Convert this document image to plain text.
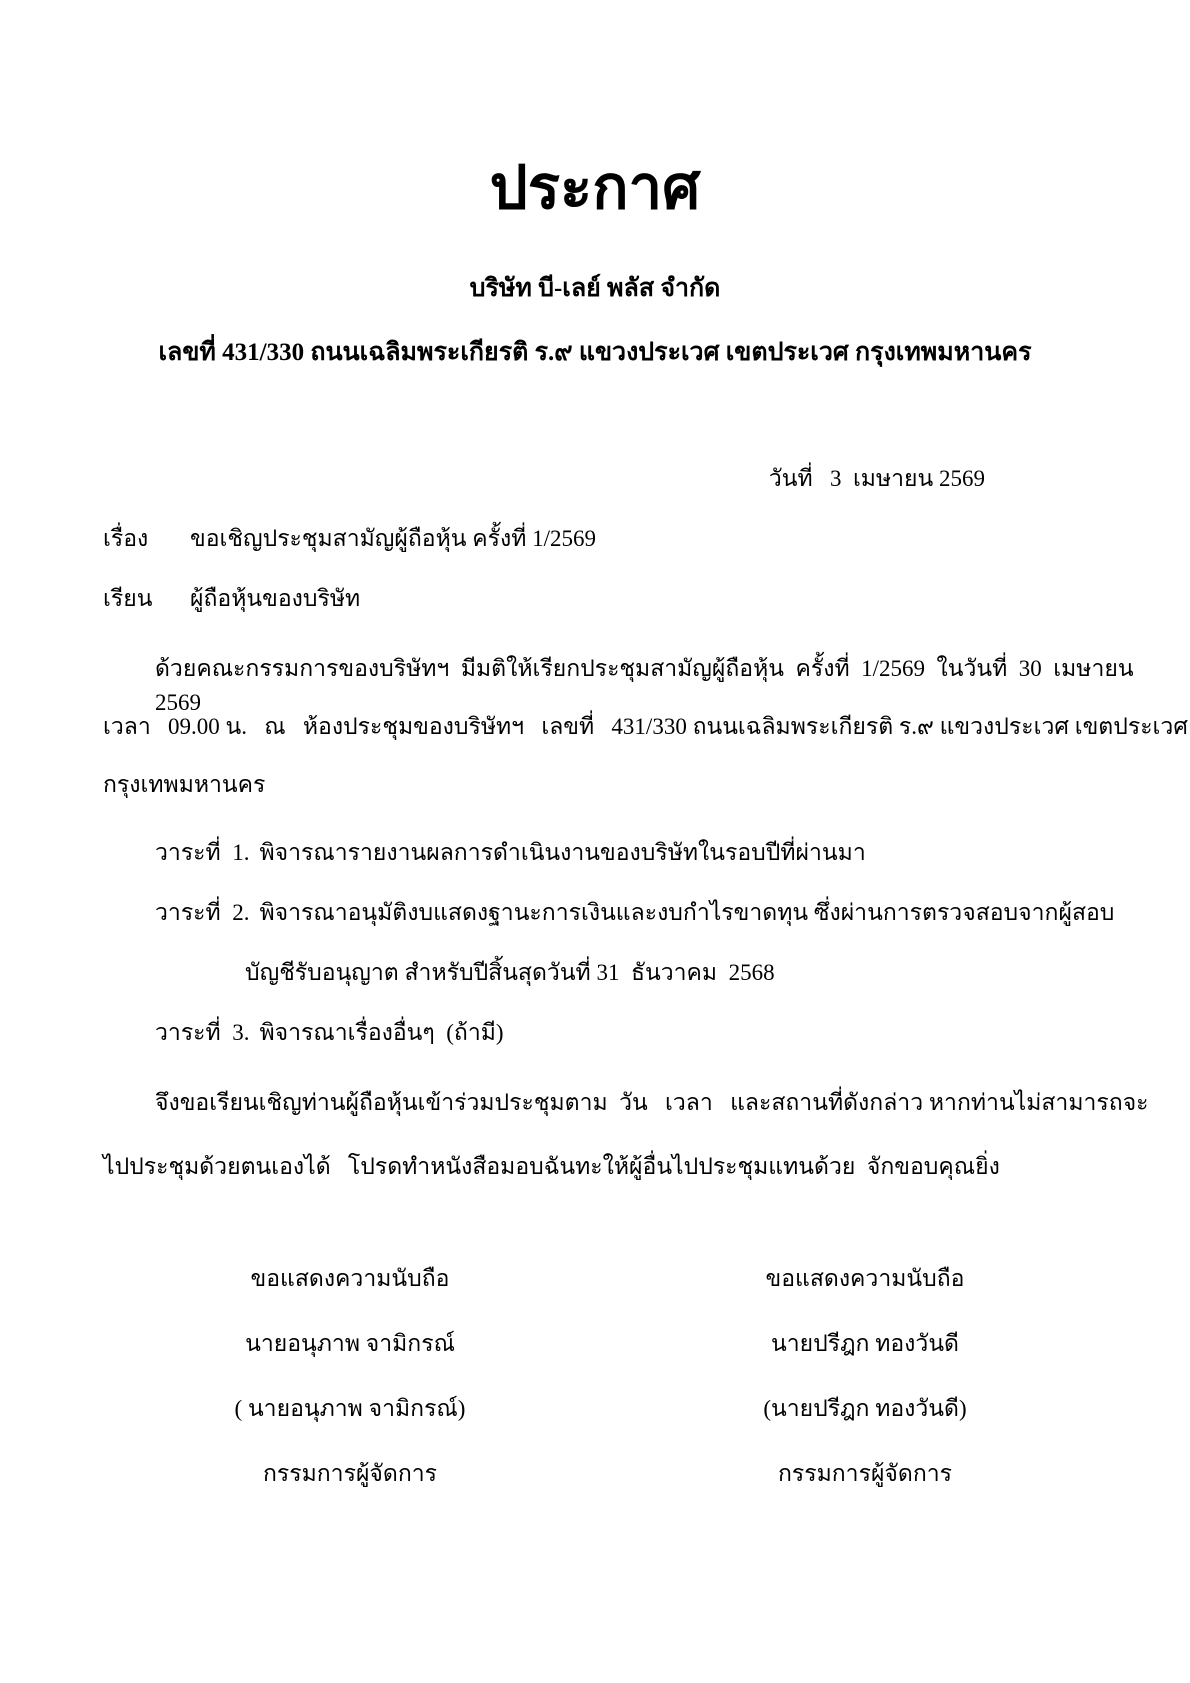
ประกาศ
บริษัท บี-เลย์ พลัส จำกัด
เลขที่ 431/330 ถนนเฉลิมพระเกียรติ ร.๙ แขวงประเวศ เขตประเวศ กรุงเทพมหานคร
วันที่   3  เมษายน 2569
เรื่อง ขอเชิญประชุมสามัญผู้ถือหุ้น ครั้งที่ 1/2569
เรียน ผู้ถือหุ้นของบริษัท
ด้วยคณะกรรมการของบริษัทฯ  มีมติให้เรียกประชุมสามัญผู้ถือหุ้น  ครั้งที่  1/2569  ในวันที่  30  เมษายน  2569
เวลา   09.00 น.   ณ   ห้องประชุมของบริษัทฯ   เลขที่   431/330 ถนนเฉลิมพระเกียรติ ร.๙ แขวงประเวศ เขตประเวศ
กรุงเทพมหานคร
วาระที่  1. พิจารณารายงานผลการดำเนินงานของบริษัทในรอบปีที่ผ่านมา
วาระที่  2. พิจารณาอนุมัติงบแสดงฐานะการเงินและงบกำไรขาดทุน ซึ่งผ่านการตรวจสอบจากผู้สอบ
บัญชีรับอนุญาต สำหรับปีสิ้นสุดวันที่ 31  ธันวาคม  2568
วาระที่  3. พิจารณาเรื่องอื่นๆ  (ถ้ามี)
จึงขอเรียนเชิญท่านผู้ถือหุ้นเข้าร่วมประชุมตาม  วัน   เวลา   และสถานที่ดังกล่าว หากท่านไม่สามารถจะ
ไปประชุมด้วยตนเองได้   โปรดทำหนังสือมอบฉันทะให้ผู้อื่นไปประชุมแทนด้วย  จักขอบคุณยิ่ง
ขอแสดงความนับถือ
นายอนุภาพ จามิกรณ์
( นายอนุภาพ จามิกรณ์)
กรรมการผู้จัดการ
ขอแสดงความนับถือ
นายปรีฎก ทองวันดี
(นายปรีฎก ทองวันดี)
กรรมการผู้จัดการ
